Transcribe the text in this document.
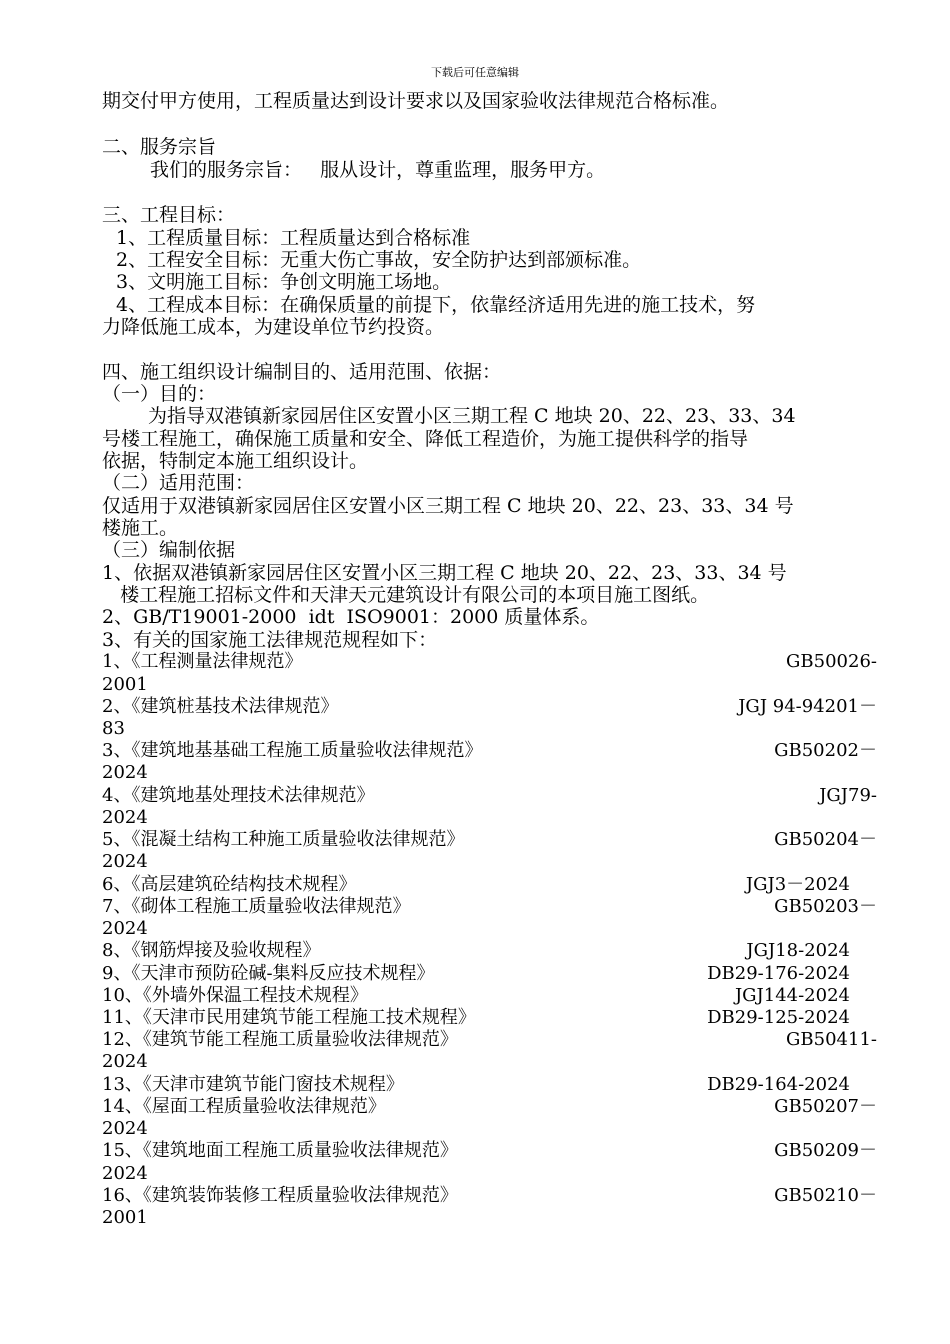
下载后可任意编辑
期交付甲方使用，工程质量达到设计要求以及国家验收法律规范合格标准。
二、服务宗旨
我们的服务宗旨：   服从设计，尊重监理，服务甲方。
三、工程目标：
1、工程质量目标：工程质量达到合格标准
2、工程安全目标：无重大伤亡事故，安全防护达到部颁标准。
3、文明施工目标：争创文明施工场地。
4、工程成本目标：在确保质量的前提下，依靠经济适用先进的施工技术，努
力降低施工成本，为建设单位节约投资。
四、施工组织设计编制目的、适用范围、依据：
（一）目的：
为指导双港镇新家园居住区安置小区三期工程 C 地块 20、22、23、33、34
号楼工程施工，确保施工质量和安全、降低工程造价，为施工提供科学的指导
依据，特制定本施工组织设计。
（二）适用范围：
仅适用于双港镇新家园居住区安置小区三期工程 C 地块 20、22、23、33、34 号
楼施工。
（三）编制依据
1、依据双港镇新家园居住区安置小区三期工程 C 地块 20、22、23、33、34 号
楼工程施工招标文件和天津天元建筑设计有限公司的本项目施工图纸。
2、GB/T19001-2000  idt  ISO9001：2000 质量体系。
3、有关的国家施工法律规范规程如下：
1、《工程测量法律规范》	GB50026-
2001
2、《建筑桩基技术法律规范》	JGJ 94-94201－
83
3、《建筑地基基础工程施工质量验收法律规范》	GB50202－
2024
4、《建筑地基处理技术法律规范》	JGJ79-
2024
5、《混凝土结构工种施工质量验收法律规范》	GB50204－
2024
6、《高层建筑砼结构技术规程》	JGJ3－2024
7、《砌体工程施工质量验收法律规范》	GB50203－
2024
8、《钢筋焊接及验收规程》	JGJ18-2024
9、《天津市预防砼碱-集料反应技术规程》	DB29-176-2024
10、《外墙外保温工程技术规程》	JGJ144-2024
11、《天津市民用建筑节能工程施工技术规程》	DB29-125-2024
12、《建筑节能工程施工质量验收法律规范》	GB50411-
2024
13、《天津市建筑节能门窗技术规程》	DB29-164-2024
14、《屋面工程质量验收法律规范》	GB50207－
2024
15、《建筑地面工程施工质量验收法律规范》	GB50209－
2024
16、《建筑装饰装修工程质量验收法律规范》	GB50210－
2001
